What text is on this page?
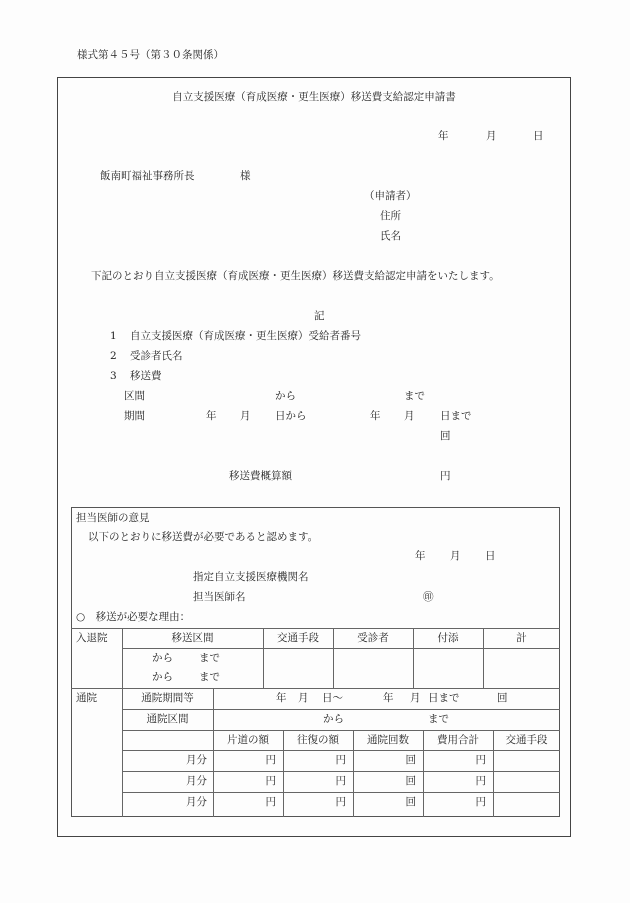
様式第４５号（第３０条関係）
自立支援医療（育成医療・更生医療）移送費支給認定申請書
年	月	日
飯南町福祉事務所長	様
（申請者）
住所
氏名
下記のとおり自立支援医療（育成医療・更生医療）移送費支給認定申請をいたします。
記
1 自立支援医療（育成医療・更生医療）受給者番号
2 受診者氏名
3 移送費
区間	から	まで
期間	年 月 日から	年 月 日まで
回
移送費概算額	円
担当医師の意見
以下のとおりに移送費が必要であると認めます。
年 月 日
指定自立支援医療機関名
担当医師名	㊞
○　移送が必要な理由：
入退院	移送区間	交通手段	受診者	付添	計
から まで
から まで
通院	通院期間等	年 月 日〜	年 月 日まで	回
通院区間	から	まで
片道の額	往復の額	通院回数	費用合計	交通手段
月分	円	円	回	円
月分	円	円	回	円
月分	円	円	回	円
